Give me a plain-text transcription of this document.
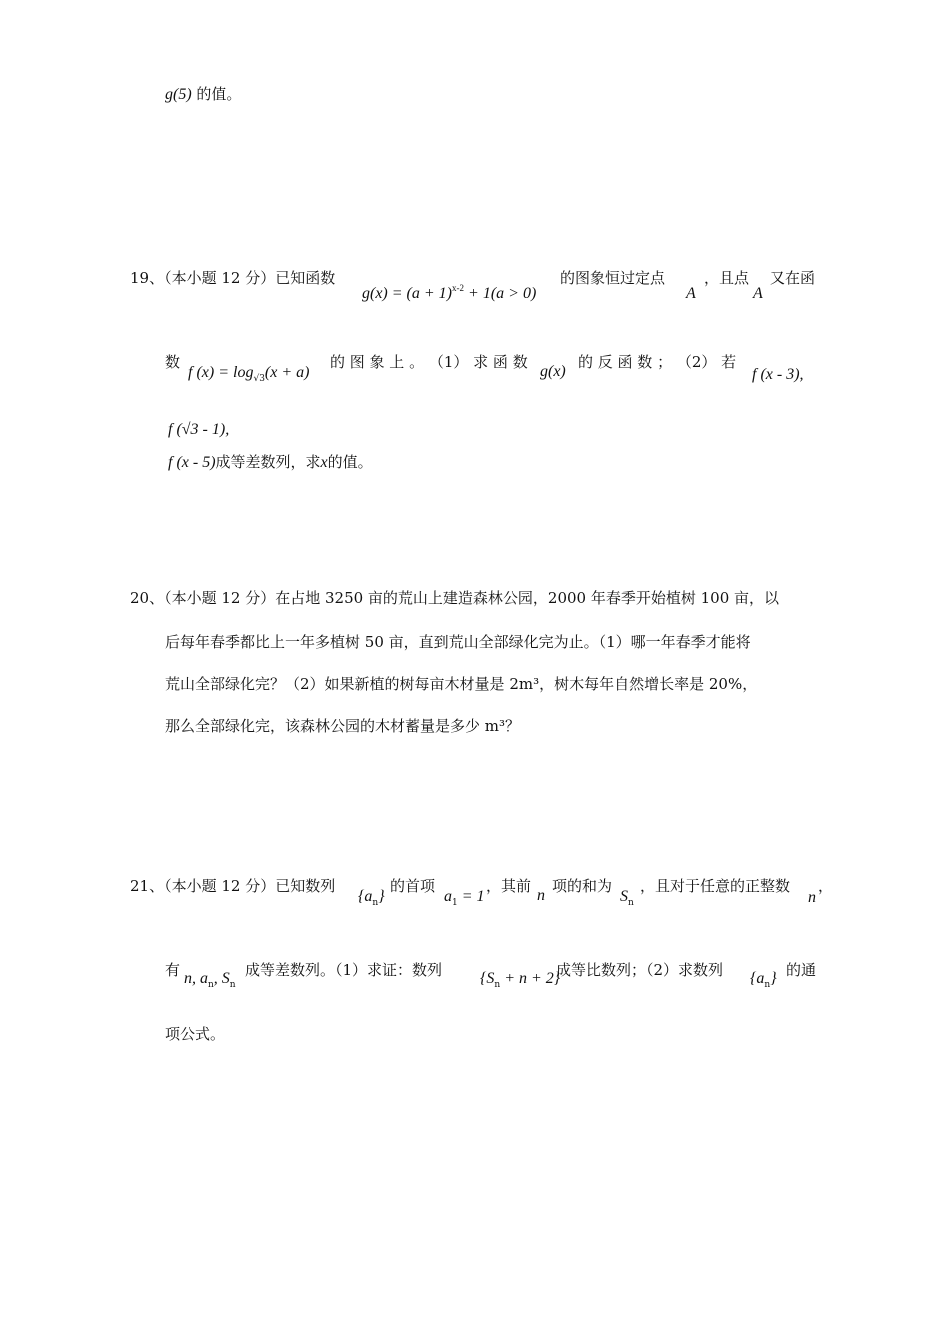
g(5) 的值。
19、（本小题 12 分）已知函数
$g(x) = (a + 1)^{x-2} + 1(a > 0)$
的图象恒过定点
A
，且点
A
又在函
数
f $(x) = \log_{√3}(x + a)$
的 图 象 上 。 （1） 求 函 数
g(x)
的 反 函 数 ； （2） 若
f (x - 3),
f (√3 - 1),
f (x - 5)成等差数列，求x的值。
20、（本小题 12 分）在占地 3250 亩的荒山上建造森林公园，2000 年春季开始植树 100 亩，以
后每年春季都比上一年多植树 50 亩，直到荒山全部绿化完为止。（1）哪一年春季才能将
荒山全部绿化完？（2）如果新植的树每亩木材量是 2m³，树木每年自然增长率是 20%，
那么全部绿化完，该森林公园的木材蓄量是多少 m³？
21、（本小题 12 分）已知数列
$\{a_n\}$
的首项
$a_1 = 1$
，其前
n
项的和为
$S_n$
，且对于任意的正整数
n
，
有 n, $a_n$, $S_n$
成等差数列。（1）求证：数列 $\{S_n + n + 2\}$
成等比数列；（2）求数列 $\{a_n\}$ 的通
项公式。
